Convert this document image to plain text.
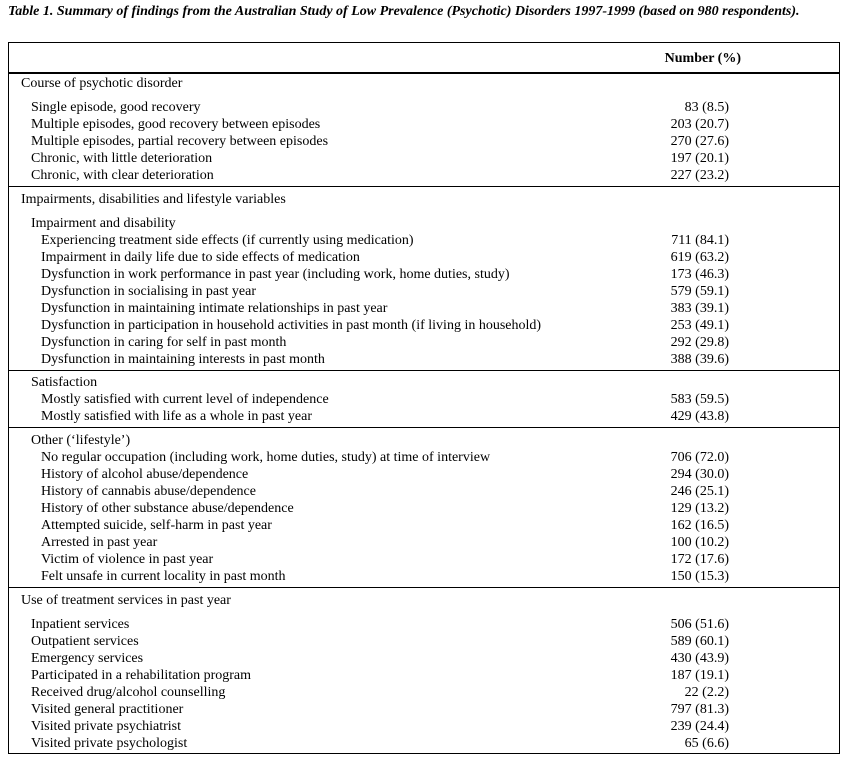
Table 1. Summary of findings from the Australian Study of Low Prevalence (Psychotic) Disorders 1997-1999 (based on 980 respondents).
Number (%)
Course of psychotic disorder
Single episode, good recovery	83 (8.5)
Multiple episodes, good recovery between episodes	203 (20.7)
Multiple episodes, partial recovery between episodes	270 (27.6)
Chronic, with little deterioration	197 (20.1)
Chronic, with clear deterioration	227 (23.2)
Impairments, disabilities and lifestyle variables
Impairment and disability
Experiencing treatment side effects (if currently using medication)	711 (84.1)
Impairment in daily life due to side effects of medication	619 (63.2)
Dysfunction in work performance in past year (including work, home duties, study)	173 (46.3)
Dysfunction in socialising in past year	579 (59.1)
Dysfunction in maintaining intimate relationships in past year	383 (39.1)
Dysfunction in participation in household activities in past month (if living in household)	253 (49.1)
Dysfunction in caring for self in past month	292 (29.8)
Dysfunction in maintaining interests in past month	388 (39.6)
Satisfaction
Mostly satisfied with current level of independence	583 (59.5)
Mostly satisfied with life as a whole in past year	429 (43.8)
Other (‘lifestyle’)
No regular occupation (including work, home duties, study) at time of interview	706 (72.0)
History of alcohol abuse/dependence	294 (30.0)
History of cannabis abuse/dependence	246 (25.1)
History of other substance abuse/dependence	129 (13.2)
Attempted suicide, self-harm in past year	162 (16.5)
Arrested in past year	100 (10.2)
Victim of violence in past year	172 (17.6)
Felt unsafe in current locality in past month	150 (15.3)
Use of treatment services in past year
Inpatient services	506 (51.6)
Outpatient services	589 (60.1)
Emergency services	430 (43.9)
Participated in a rehabilitation program	187 (19.1)
Received drug/alcohol counselling	22 (2.2)
Visited general practitioner	797 (81.3)
Visited private psychiatrist	239 (24.4)
Visited private psychologist	65 (6.6)
